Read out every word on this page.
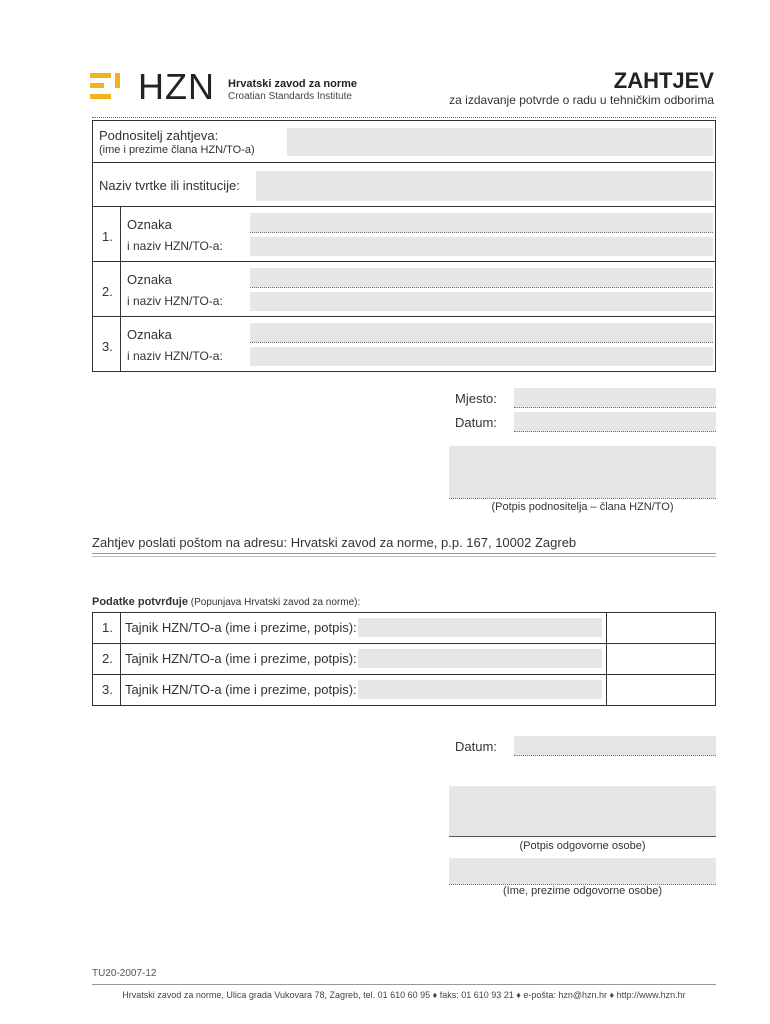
HZN Hrvatski zavod za norme
Croatian Standards Institute
ZAHTJEV
za izdavanje potvrde o radu u tehničkim odborima
Podnositelj zahtjeva:
(ime i prezime člana HZN/TO-a)
Naziv tvrtke ili institucije:
1.
Oznaka
i naziv HZN/TO-a:
2.
Oznaka
i naziv HZN/TO-a:
3.
Oznaka
i naziv HZN/TO-a:
Mjesto:
Datum:
(Potpis podnositelja – člana HZN/TO)
Zahtjev poslati poštom na adresu: Hrvatski zavod za norme, p.p. 167, 10002 Zagreb
Podatke potvrđuje (Popunjava Hrvatski zavod za norme):
1. Tajnik HZN/TO-a (ime i prezime, potpis):
2. Tajnik HZN/TO-a (ime i prezime, potpis):
3. Tajnik HZN/TO-a (ime i prezime, potpis):
Datum:
(Potpis odgovorne osobe)
(Ime, prezime odgovorne osobe)
TU20-2007-12
Hrvatski zavod za norme, Ulica grada Vukovara 78, Zagreb, tel. 01 610 60 95 ♦ faks: 01 610 93 21 ♦ e-pošta: hzn@hzn.hr ♦ http://www.hzn.hr
